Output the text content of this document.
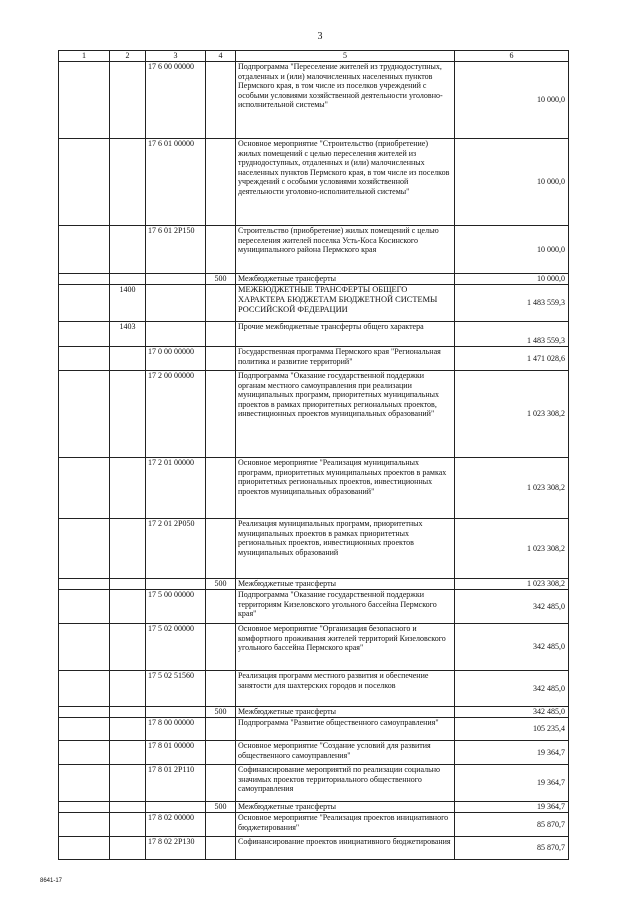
3
1	2	3	4	5	6
		17 6 00 00000		Подпрограмма "Переселение жителей из труднодоступных, отдаленных и (или) малочисленных населенных пунктов Пермского края, в том числе из поселков учреждений с особыми условиями хозяйственной деятельности уголовно-исполнительной системы"	10 000,0
		17 6 01 00000		Основное мероприятие "Строительство (приобретение) жилых помещений с целью переселения жителей из труднодоступных, отдаленных и (или) малочисленных населенных пунктов Пермского края, в том числе из поселков учреждений с особыми условиями хозяйственной деятельности уголовно-исполнительной системы"	10 000,0
		17 6 01 2Р150		Строительство (приобретение) жилых помещений с целью переселения жителей поселка Усть-Коса Косинского муниципального района Пермского края	10 000,0
			500	Межбюджетные трансферты	10 000,0
	1400			МЕЖБЮДЖЕТНЫЕ ТРАНСФЕРТЫ ОБЩЕГО ХАРАКТЕРА БЮДЖЕТАМ БЮДЖЕТНОЙ СИСТЕМЫ РОССИЙСКОЙ ФЕДЕРАЦИИ	1 483 559,3
	1403			Прочие межбюджетные трансферты общего характера	1 483 559,3
		17 0 00 00000		Государственная программа Пермского края "Региональная политика и развитие территорий"	1 471 028,6
		17 2 00 00000		Подпрограмма "Оказание государственной поддержки органам местного самоуправления при реализации муниципальных программ, приоритетных муниципальных проектов в рамках приоритетных региональных проектов, инвестиционных проектов муниципальных образований"	1 023 308,2
		17 2 01 00000		Основное мероприятие "Реализация муниципальных программ, приоритетных муниципальных проектов в рамках приоритетных региональных проектов, инвестиционных проектов муниципальных образований"	1 023 308,2
		17 2 01 2Р050		Реализация муниципальных программ, приоритетных муниципальных проектов в рамках приоритетных региональных проектов, инвестиционных проектов муниципальных образований	1 023 308,2
			500	Межбюджетные трансферты	1 023 308,2
		17 5 00 00000		Подпрограмма "Оказание государственной поддержки территориям Кизеловского угольного бассейна Пермского края"	342 485,0
		17 5 02 00000		Основное мероприятие "Организация безопасного и комфортного проживания жителей территорий Кизеловского угольного бассейна Пермского края"	342 485,0
		17 5 02 51560		Реализация программ местного развития и обеспечение занятости для шахтерских городов и поселков	342 485,0
			500	Межбюджетные трансферты	342 485,0
		17 8 00 00000		Подпрограмма "Развитие общественного самоуправления"	105 235,4
		17 8 01 00000		Основное мероприятие "Создание условий для развития общественного самоуправления"	19 364,7
		17 8 01 2Р110		Софинансирование мероприятий по реализации социально значимых проектов территориального общественного самоуправления	19 364,7
			500	Межбюджетные трансферты	19 364,7
		17 8 02 00000		Основное мероприятие "Реализация проектов инициативного бюджетирования"	85 870,7
		17 8 02 2Р130		Софинансирование проектов инициативного бюджетирования	85 870,7
8641-17
